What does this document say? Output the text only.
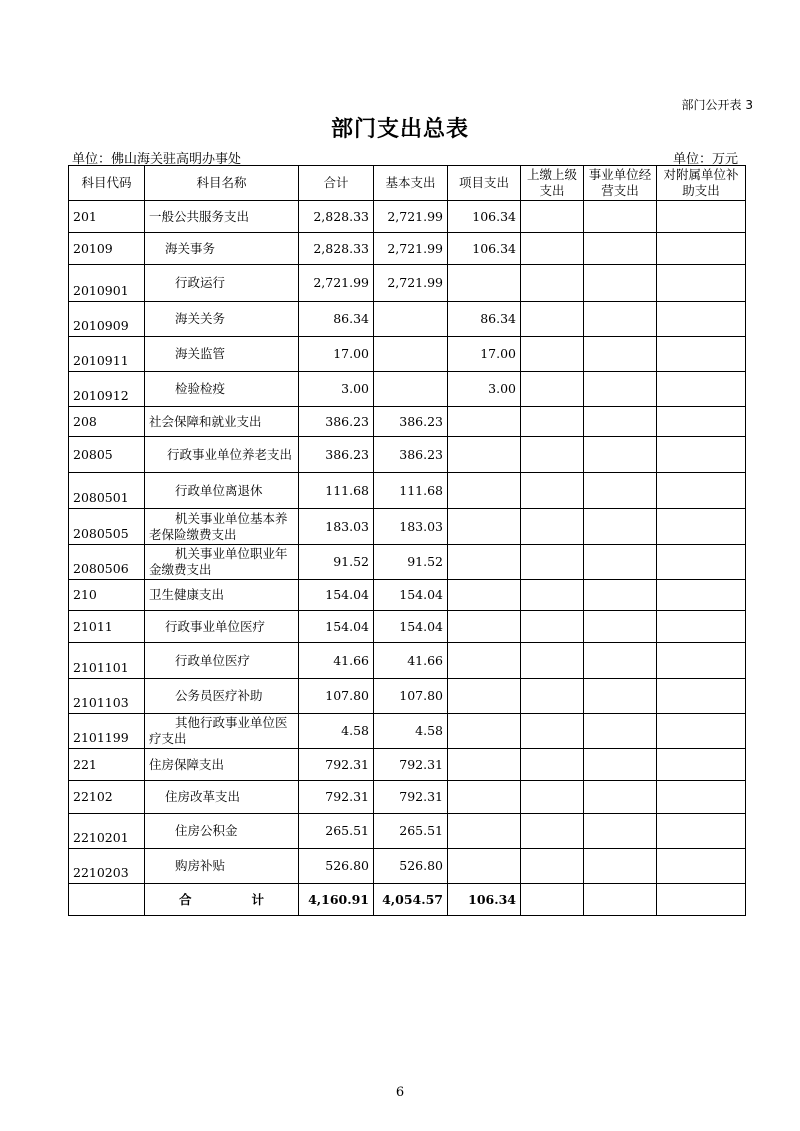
部门公开表 3
部门支出总表
单位：佛山海关驻高明办事处	单位：万元
科目代码	科目名称	合计	基本支出	项目支出	上缴上级支出	事业单位经营支出	对附属单位补助支出
201	一般公共服务支出	2,828.33	2,721.99	106.34			
20109	海关事务	2,828.33	2,721.99	106.34			
2010901	行政运行	2,721.99	2,721.99				
2010909	海关关务	86.34		86.34			
2010911	海关监管	17.00		17.00			
2010912	检验检疫	3.00		3.00			
208	社会保障和就业支出	386.23	386.23				
20805	行政事业单位养老支出	386.23	386.23				
2080501	行政单位离退休	111.68	111.68				
2080505	机关事业单位基本养老保险缴费支出	183.03	183.03				
2080506	机关事业单位职业年金缴费支出	91.52	91.52				
210	卫生健康支出	154.04	154.04				
21011	行政事业单位医疗	154.04	154.04				
2101101	行政单位医疗	41.66	41.66				
2101103	公务员医疗补助	107.80	107.80				
2101199	其他行政事业单位医疗支出	4.58	4.58				
221	住房保障支出	792.31	792.31				
22102	住房改革支出	792.31	792.31				
2210201	住房公积金	265.51	265.51				
2210203	购房补贴	526.80	526.80				

	合 计	4,160.91	4,054.57	106.34			
6
